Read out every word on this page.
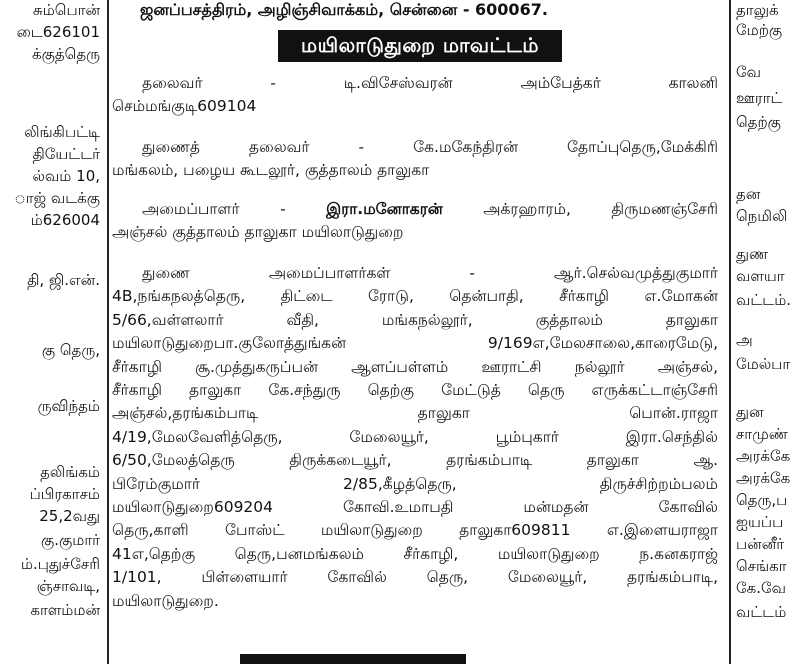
சும்பொன்
டை626101
க்குத்தெரு
லிங்கிபட்டி
தியேட்டர்
ல்வம் 10,
ாஜ் வடக்கு
ம்626004
தி, ஜி.என்.
கு தெரு,
ருவிந்தம்
தலிங்கம்
ப்பிரகாசம்
25,2வது
கு.குமார்
ம்.புதுச்சேரி
ஞ்சாவடி,
காளம்மன்
ஜனப்பசத்திரம், அழிஞ்சிவாக்கம், சென்னை - 600067.
மயிலாடுதுறை மாவட்டம்
தலைவர் - டி.விசேஸ்வரன் அம்பேத்கர் காலனி
செம்மங்குடி609104
துணைத் தலைவர் - கே.மகேந்திரன் தோப்புதெரு,மேக்கிரி
மங்கலம், பழைய கூடலூர், குத்தாலம் தாலுகா
அமைப்பாளர் - இரா.மனோகரன் அக்ரஹாரம், திருமணஞ்சேரி
அஞ்சல் குத்தாலம் தாலுகா மயிலாடுதுறை
துணை அமைப்பாளர்கள் - ஆர்.செல்வமுத்துகுமார்
4B,நங்கநலத்தெரு, திட்டை ரோடு, தென்பாதி, சீர்காழி எ.மோகன்
5/66,வள்ளலார் வீதி, மங்கநல்லூர், குத்தாலம் தாலுகா
மயிலாடுதுறைபா.குலோத்துங்கன் 9/169எ,மேலசாலை,காரைமேடு,
சீர்காழி சூ.முத்துகருப்பன் ஆளப்பள்ளம் ஊராட்சி நல்லூர் அஞ்சல்,
சீர்காழி தாலுகா கே.சந்துரு தெற்கு மேட்டுத் தெரு எருக்கட்டாஞ்சேரி
அஞ்சல்,தரங்கம்பாடி தாலுகா பொன்.ராஜா
4/19,மேலவேளித்தெரு, மேலையூர், பூம்புகார் இரா.செந்தில்
6/50,மேலத்தெரு திருக்கடையூர், தரங்கம்பாடி தாலுகா ஆ.
பிரேம்குமார் 2/85,கீழத்தெரு, திருச்சிற்றம்பலம்
மயிலாடுதுறை609204 கோவி.உமாபதி மன்மதன் கோவில்
தெரு,காளி போஸ்ட் மயிலாடுதுறை தாலுகா609811 எ.இளையராஜா
41எ,தெற்கு தெரு,பனமங்கலம் சீர்காழி, மயிலாடுதுறை ந.கனகராஜ்
1/101, பிள்ளையார் கோவில் தெரு, மேலையூர், தரங்கம்பாடி,
மயிலாடுதுறை.
தாலுக்
மேற்கு
வே
ஊராட்
தெற்கு
தன
நெமிலி
துண
வளயா
வட்டம்.
அ
மேல்பா
துன
சாமுண்
அரக்கே
அரக்கே
தெரு,ப
ஐயப்ப
பன்னீர்
செங்கா
கே.வே
வட்டம்
